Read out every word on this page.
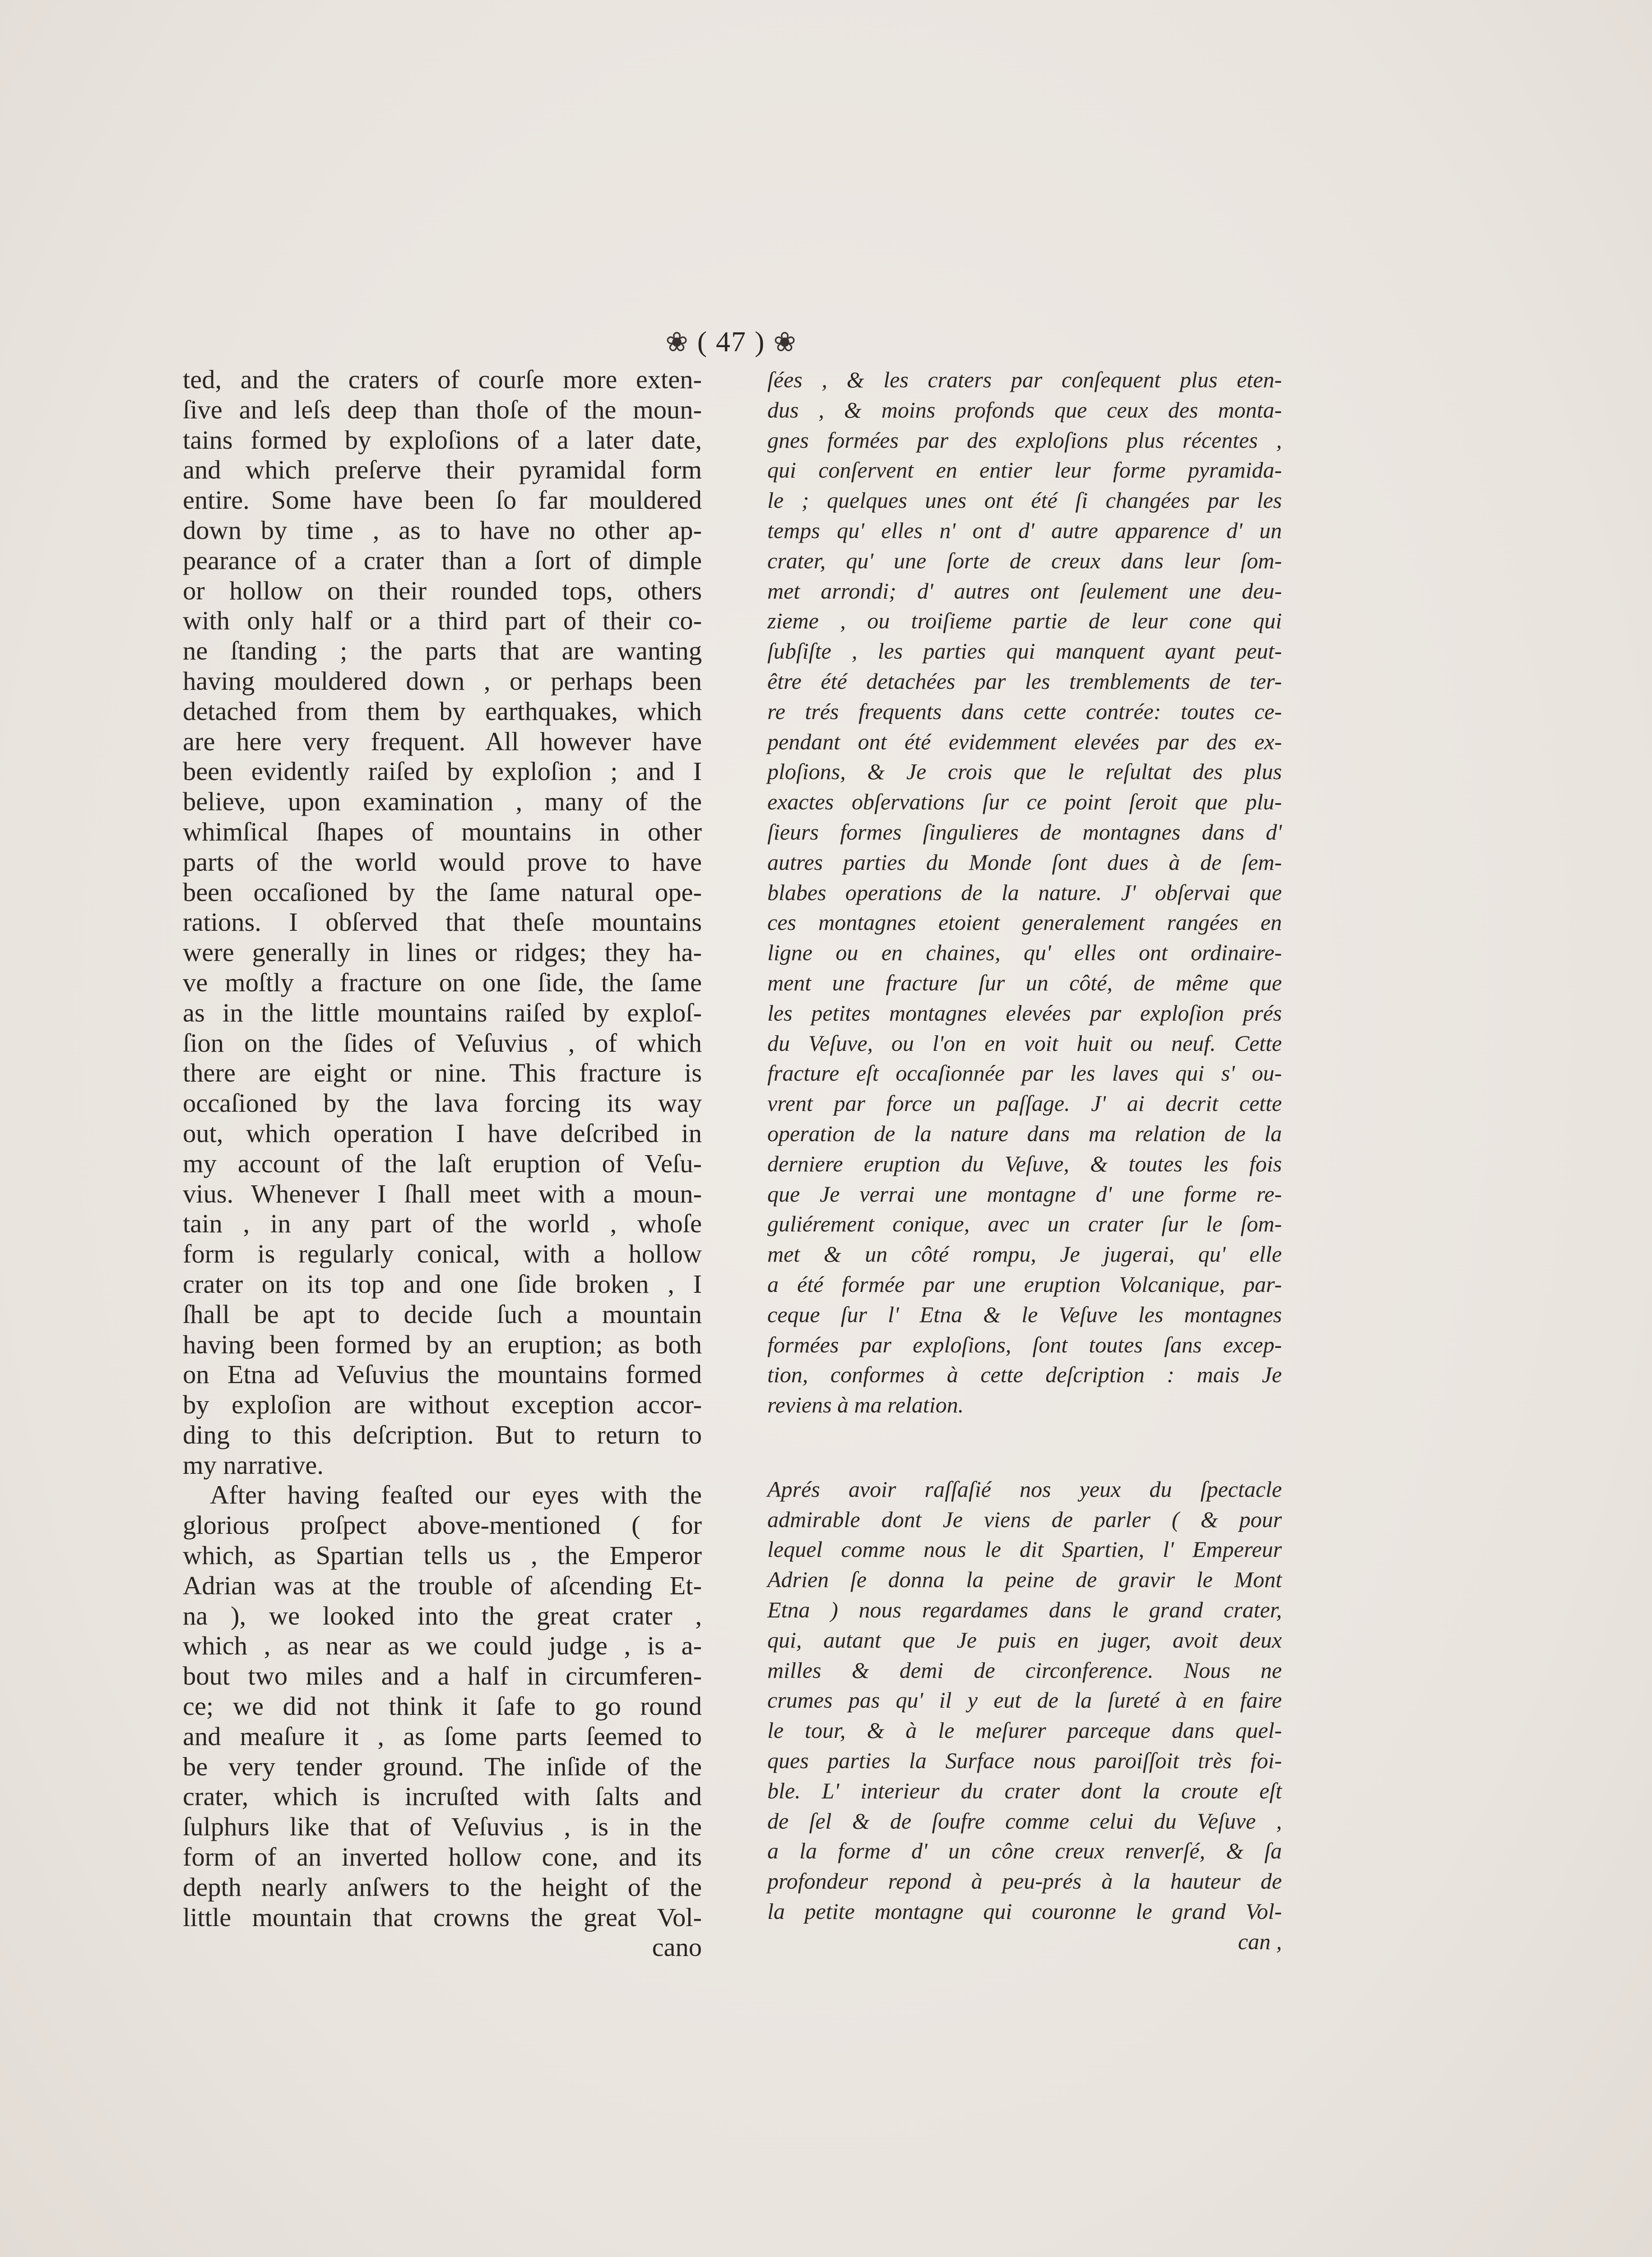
❀ ( 47 ) ❀
ted, and the craters of courſe more exten-
ſive and leſs deep than thoſe of the moun-
tains formed by exploſions of a later date,
and which preſerve their pyramidal form
entire. Some have been ſo far mouldered
down by time , as to have no other ap-
pearance of a crater than a ſort of dimple
or hollow on their rounded tops, others
with only half or a third part of their co-
ne ſtanding ; the parts that are wanting
having mouldered down , or perhaps been
detached from them by earthquakes, which
are here very frequent. All however have
been evidently raiſed by exploſion ; and I
believe, upon examination , many of the
whimſical ſhapes of mountains in other
parts of the world would prove to have
been occaſioned by the ſame natural ope-
rations. I obſerved that theſe mountains
were generally in lines or ridges; they ha-
ve moſtly a fracture on one ſide, the ſame
as in the little mountains raiſed by exploſ-
ſion on the ſides of Veſuvius , of which
there are eight or nine. This fracture is
occaſioned by the lava forcing its way
out, which operation I have deſcribed in
my account of the laſt eruption of Veſu-
vius. Whenever I ſhall meet with a moun-
tain , in any part of the world , whoſe
form is regularly conical, with a hollow
crater on its top and one ſide broken , I
ſhall be apt to decide ſuch a mountain
having been formed by an eruption; as both
on Etna ad Veſuvius the mountains formed
by exploſion are without exception accor-
ding to this deſcription. But to return to
my narrative.
After having feaſted our eyes with the
glorious proſpect above-mentioned ( for
which, as Spartian tells us , the Emperor
Adrian was at the trouble of aſcending Et-
na ), we looked into the great crater ,
which , as near as we could judge , is a-
bout two miles and a half in circumferen-
ce; we did not think it ſafe to go round
and meaſure it , as ſome parts ſeemed to
be very tender ground. The inſide of the
crater, which is incruſted with ſalts and
ſulphurs like that of Veſuvius , is in the
form of an inverted hollow cone, and its
depth nearly anſwers to the height of the
little mountain that crowns the great Vol-
cano
ſées , & les craters par conſequent plus eten-
dus , & moins profonds que ceux des monta-
gnes formées par des exploſions plus récentes ,
qui conſervent en entier leur forme pyramida-
le ; quelques unes ont été ſi changées par les
temps qu' elles n' ont d' autre apparence d' un
crater, qu' une ſorte de creux dans leur ſom-
met arrondi; d' autres ont ſeulement une deu-
zieme , ou troiſieme partie de leur cone qui
ſubſiſte , les parties qui manquent ayant peut-
être été detachées par les tremblements de ter-
re trés frequents dans cette contrée: toutes ce-
pendant ont été evidemment elevées par des ex-
ploſions, & Je crois que le reſultat des plus
exactes obſervations ſur ce point ſeroit que plu-
ſieurs formes ſingulieres de montagnes dans d'
autres parties du Monde ſont dues à de ſem-
blabes operations de la nature. J' obſervai que
ces montagnes etoient generalement rangées en
ligne ou en chaines, qu' elles ont ordinaire-
ment une fracture ſur un côté, de même que
les petites montagnes elevées par exploſion prés
du Veſuve, ou l'on en voit huit ou neuf. Cette
fracture eſt occaſionnée par les laves qui s' ou-
vrent par force un paſſage. J' ai decrit cette
operation de la nature dans ma relation de la
derniere eruption du Veſuve, & toutes les fois
que Je verrai une montagne d' une forme re-
guliérement conique, avec un crater ſur le ſom-
met & un côté rompu, Je jugerai, qu' elle
a été formée par une eruption Volcanique, par-
ceque ſur l' Etna & le Veſuve les montagnes
formées par exploſions, ſont toutes ſans excep-
tion, conformes à cette deſcription : mais Je
reviens à ma relation.
Aprés avoir raſſaſié nos yeux du ſpectacle
admirable dont Je viens de parler ( & pour
lequel comme nous le dit Spartien, l' Empereur
Adrien ſe donna la peine de gravir le Mont
Etna ) nous regardames dans le grand crater,
qui, autant que Je puis en juger, avoit deux
milles & demi de circonference. Nous ne
crumes pas qu' il y eut de la ſureté à en faire
le tour, & à le meſurer parceque dans quel-
ques parties la Surface nous paroiſſoit très foi-
ble. L' interieur du crater dont la croute eſt
de ſel & de ſoufre comme celui du Veſuve ,
a la forme d' un cône creux renverſé, & ſa
profondeur repond à peu-prés à la hauteur de
la petite montagne qui couronne le grand Vol-
can ,
